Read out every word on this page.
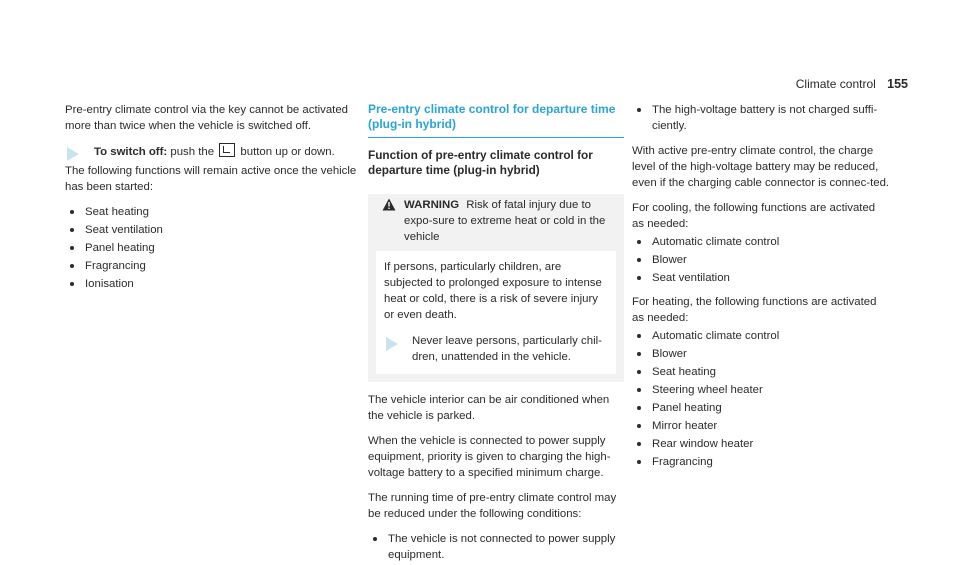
Climate control 155

Pre-entry climate control via the key cannot be activated more than twice when the vehicle is switched off.

To switch off: push the button up or down.

The following functions will remain active once the vehicle has been started:

Seat heating
Seat ventilation
Panel heating
Fragrancing
Ionisation
Pre-entry climate control for departure time (plug-in hybrid)
Function of pre-entry climate control for departure time (plug-in hybrid)
WARNING Risk of fatal injury due to expo-sure to extreme heat or cold in the vehicle
If persons, particularly children, are subjected to prolonged exposure to intense heat or cold, there is a risk of severe injury or even death.
Never leave persons, particularly chil-dren, unattended in the vehicle.

The vehicle interior can be air conditioned when the vehicle is parked.

When the vehicle is connected to power supply equipment, priority is given to charging the high-voltage battery to a specified minimum charge.

The running time of pre-entry climate control may be reduced under the following conditions:

The vehicle is not connected to power supply equipment.
The high-voltage battery is not charged suffi-ciently.

With active pre-entry climate control, the charge level of the high-voltage battery may be reduced, even if the charging cable connector is connec-ted.

For cooling, the following functions are activated as needed:

Automatic climate control
Blower
Seat ventilation

For heating, the following functions are activated as needed:

Automatic climate control
Blower
Seat heating
Steering wheel heater
Panel heating
Mirror heater
Rear window heater
Fragrancing
